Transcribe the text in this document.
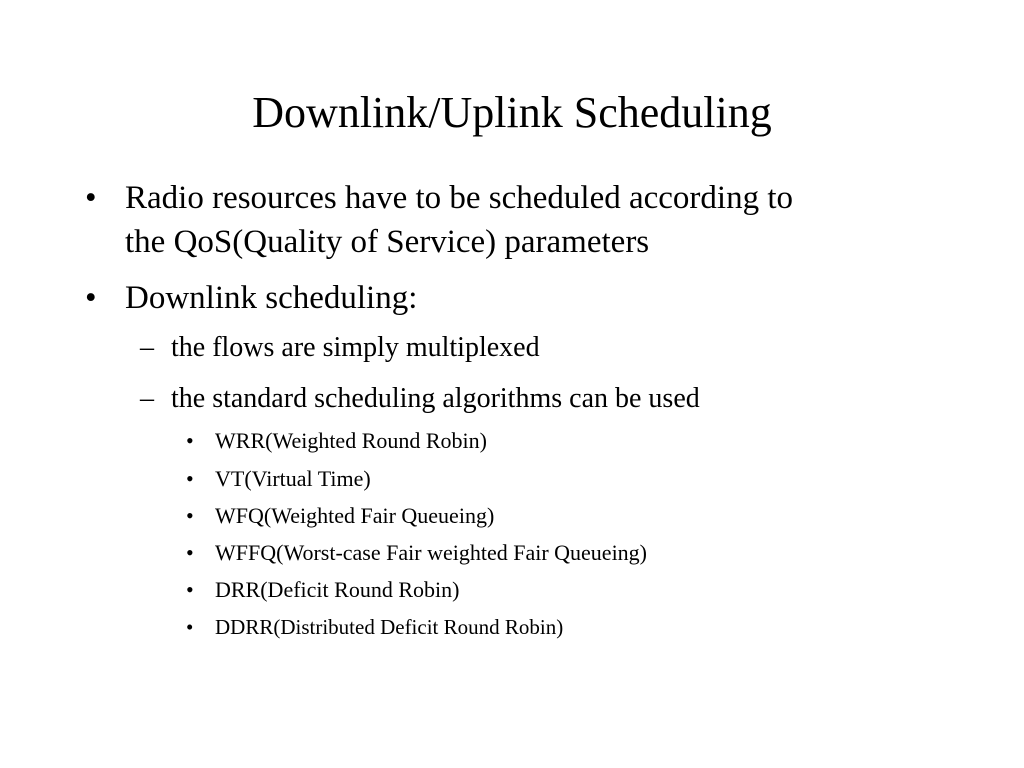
Downlink/Uplink Scheduling
• Radio resources have to be scheduled according to
the QoS(Quality of Service) parameters
• Downlink scheduling:
– the flows are simply multiplexed
– the standard scheduling algorithms can be used
• WRR(Weighted Round Robin)
• VT(Virtual Time)
• WFQ(Weighted Fair Queueing)
• WFFQ(Worst-case Fair weighted Fair Queueing)
• DRR(Deficit Round Robin)
• DDRR(Distributed Deficit Round Robin)
